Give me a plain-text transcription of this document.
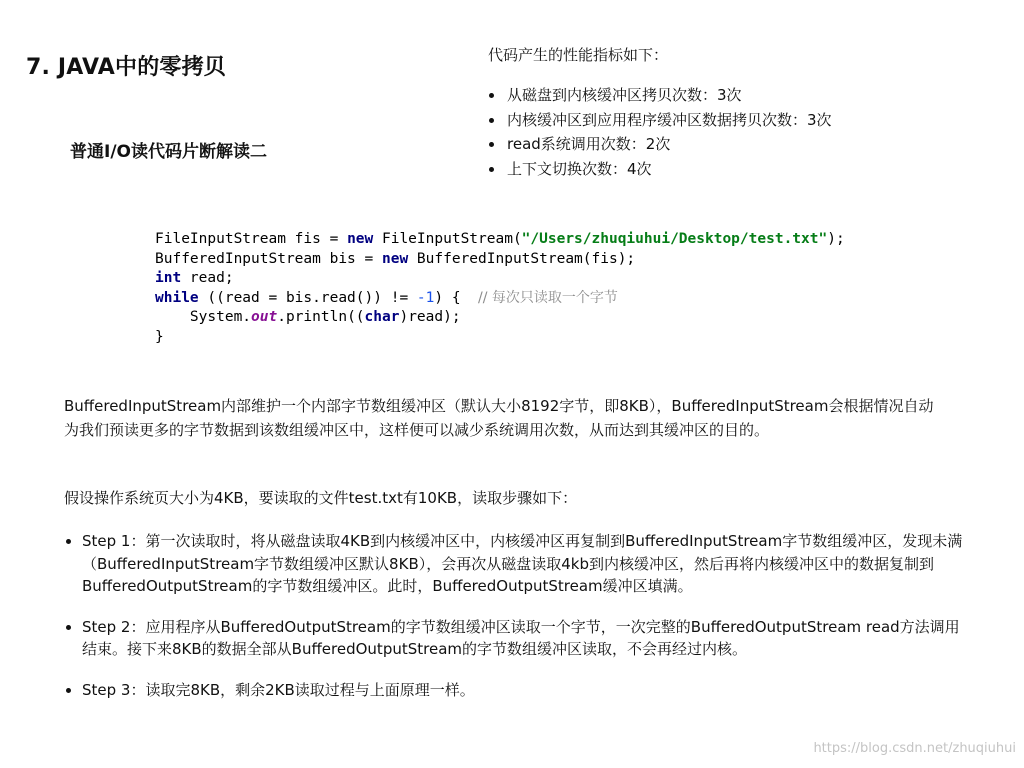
7. JAVA中的零拷贝
普通I/O读代码片断解读二

代码产生的性能指标如下：

从磁盘到内核缓冲区拷贝次数：3次
内核缓冲区到应用程序缓冲区数据拷贝次数：3次
read系统调用次数：2次
上下文切换次数：4次
FileInputStream fis = new FileInputStream("/Users/zhuqiuhui/Desktop/test.txt");
BufferedInputStream bis = new BufferedInputStream(fis);
int read;
while ((read = bis.read()) != -1) {  // 每次只读取一个字节
System.out.println((char)read);
}

BufferedInputStream内部维护一个内部字节数组缓冲区（默认大小8192字节，即8KB），BufferedInputStream会根据情况自动为我们预读更多的字节数据到该数组缓冲区中，这样便可以减少系统调用次数，从而达到其缓冲区的目的。

假设操作系统页大小为4KB，要读取的文件test.txt有10KB，读取步骤如下：

Step 1：第一次读取时，将从磁盘读取4KB到内核缓冲区中，内核缓冲区再复制到BufferedInputStream字节数组缓冲区，发现未满（BufferedInputStream字节数组缓冲区默认8KB），会再次从磁盘读取4kb到内核缓冲区，然后再将内核缓冲区中的数据复制到BufferedOutputStream的字节数组缓冲区。此时，BufferedOutputStream缓冲区填满。
Step 2：应用程序从BufferedOutputStream的字节数组缓冲区读取一个字节，一次完整的BufferedOutputStream read方法调用结束。接下来8KB的数据全部从BufferedOutputStream的字节数组缓冲区读取，不会再经过内核。
Step 3：读取完8KB，剩余2KB读取过程与上面原理一样。
https://blog.csdn.net/zhuqiuhui
